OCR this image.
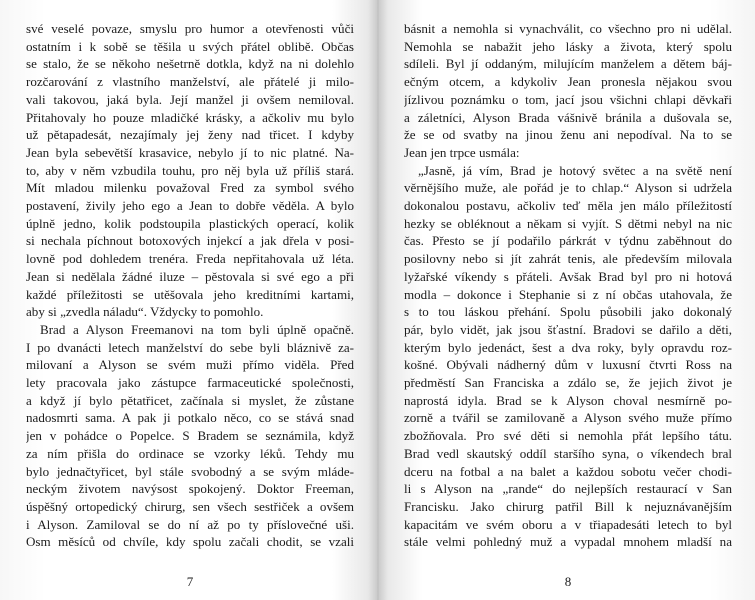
své veselé povaze, smyslu pro humor a otevřenosti vůči
ostatním i k sobě se těšila u svých přátel oblibě. Občas
se stalo, že se někoho nešetrně dotkla, když na ni dolehlo
rozčarování z vlastního manželství, ale přátelé ji milo-
vali takovou, jaká byla. Její manžel ji ovšem nemiloval.
Přitahovaly ho pouze mladičké krásky, a ačkoliv mu bylo
už pětapadesát, nezajímaly jej ženy nad třicet. I kdyby
Jean byla sebevětší krasavice, nebylo jí to nic platné. Na-
to, aby v něm vzbudila touhu, pro něj byla už příliš stará.
Mít mladou milenku považoval Fred za symbol svého
postavení, živily jeho ego a Jean to dobře věděla. A bylo
úplně jedno, kolik podstoupila plastických operací, kolik
si nechala píchnout botoxových injekcí a jak dřela v posi-
lovně pod dohledem trenéra. Freda nepřitahovala už léta.
Jean si nedělala žádné iluze – pěstovala si své ego a při
každé příležitosti se utěšovala jeho kreditními kartami,
aby si „zvedla náladu“. Vždycky to pomohlo.
Brad a Alyson Freemanovi na tom byli úplně opačně.
I po dvanácti letech manželství do sebe byli bláznivě za-
milovaní a Alyson se svém muži přímo viděla. Před
lety pracovala jako zástupce farmaceutické společnosti,
a když jí bylo pětatřicet, začínala si myslet, že zůstane
nadosmrti sama. A pak ji potkalo něco, co se stává snad
jen v pohádce o Popelce. S Bradem se seznámila, když
za ním přišla do ordinace se vzorky léků. Tehdy mu
bylo jednačtyřicet, byl stále svobodný a se svým mláde-
neckým životem navýsost spokojený. Doktor Freeman,
úspěšný ortopedický chirurg, sen všech sestřiček a ovšem
i Alyson. Zamiloval se do ní až po ty příslovečné uši.
Osm měsíců od chvíle, kdy spolu začali chodit, se vzali
7
básnit a nemohla si vynachválit, co všechno pro ni udělal.
Nemohla se nabažit jeho lásky a života, který spolu
sdíleli. Byl jí oddaným, milujícím manželem a dětem báj-
ečným otcem, a kdykoliv Jean pronesla nějakou svou
jízlivou poznámku o tom, jací jsou všichni chlapi děvkaři
a záletníci, Alyson Brada vášnivě bránila a dušovala se,
že se od svatby na jinou ženu ani nepodíval. Na to se
Jean jen trpce usmála:
„Jasně, já vím, Brad je hotový světec a na světě není
věrnějšího muže, ale pořád je to chlap.“ Alyson si udržela
dokonalou postavu, ačkoliv teď měla jen málo příležitostí
hezky se obléknout a někam si vyjít. S dětmi nebyl na nic
čas. Přesto se jí podařilo párkrát v týdnu zaběhnout do
posilovny nebo si jít zahrát tenis, ale především milovala
lyžařské víkendy s přáteli. Avšak Brad byl pro ni hotová
modla – dokonce i Stephanie si z ní občas utahovala, že
s to tou láskou přehání. Spolu působili jako dokonalý
pár, bylo vidět, jak jsou šťastní. Bradovi se dařilo a děti,
kterým bylo jedenáct, šest a dva roky, byly opravdu roz-
košné. Obývali nádherný dům v luxusní čtvrti Ross na
předměstí San Franciska a zdálo se, že jejich život je
naprostá idyla. Brad se k Alyson choval nesmírně po-
zorně a tvářil se zamilovaně a Alyson svého muže přímo
zbožňovala. Pro své děti si nemohla přát lepšího tátu.
Brad vedl skautský oddíl staršího syna, o víkendech bral
dceru na fotbal a na balet a každou sobotu večer chodi-
li s Alyson na „rande“ do nejlepších restaurací v San
Francisku. Jako chirurg patřil Bill k nejuznávanějším
kapacitám ve svém oboru a v třiapadesáti letech to byl
stále velmi pohledný muž a vypadal mnohem mladší na
8
